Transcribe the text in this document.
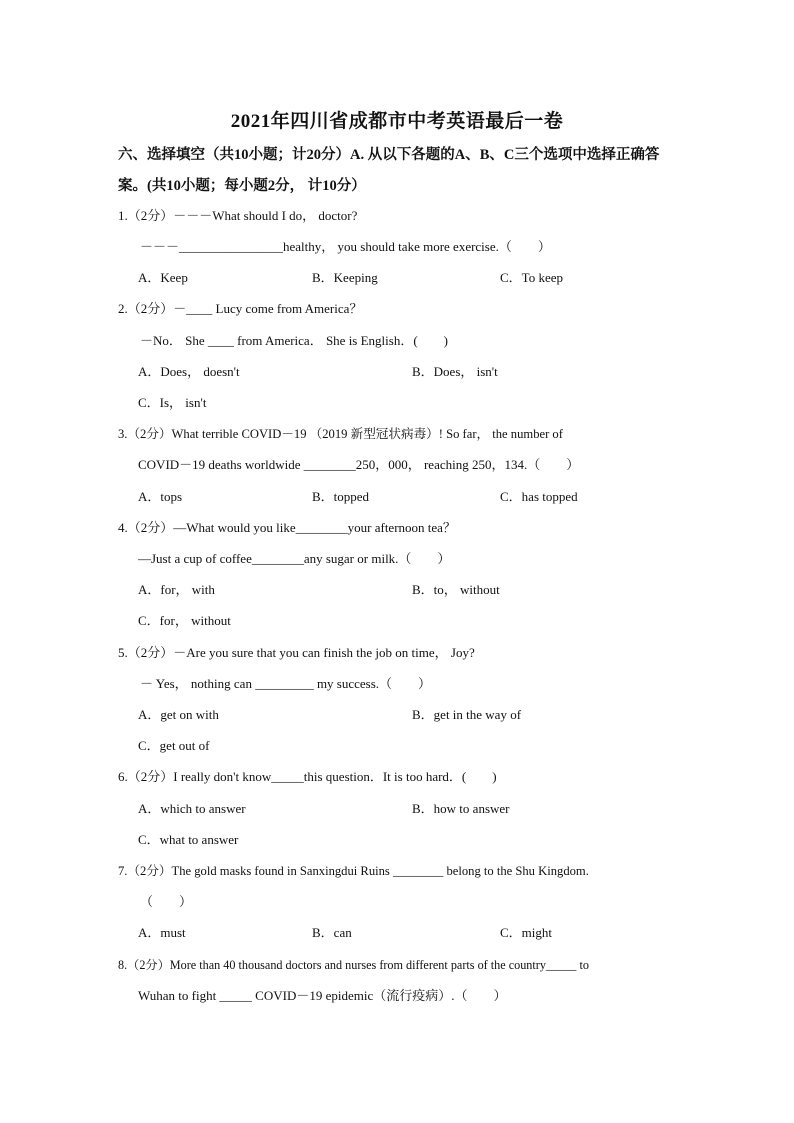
2021年四川省成都市中考英语最后一卷
六、选择填空（共10小题；计20分）A. 从以下各题的A、B、C三个选项中选择正确答
案。(共10小题；每小题2分， 计10分）
1.（2分）－－－What should I do， doctor?
－－－________________healthy， you should take more exercise.（　　）
A．Keep	B．Keeping	C．To keep
2.（2分）－____ Lucy come from America？
－No． She ____ from America． She is English．(　　)
A．Does， doesn't	B．Does， isn't
C．Is， isn't
3.（2分）What terrible COVID－19 （2019 新型冠状病毒）! So far， the number of
COVID－19 deaths worldwide ________250，000， reaching 250，134.（　　）
A．tops	B．topped	C．has topped
4.（2分）—What would you like________your afternoon tea？
—Just a cup of coffee________any sugar or milk.（　　）
A．for， with	B．to， without
C．for， without
5.（2分）－Are you sure that you can finish the job on time， Joy?
－ Yes， nothing can _________ my success.（　　）
A．get on with	B．get in the way of
C．get out of
6.（2分）I really don't know_____this question．It is too hard．(　　)
A．which to answer	B．how to answer
C．what to answer
7.（2分）The gold masks found in Sanxingdui Ruins ________ belong to the Shu Kingdom.
（　　）
A．must	B．can	C．might
8.（2分）More than 40 thousand doctors and nurses from different parts of the country_____ to
Wuhan to fight _____ COVID－19 epidemic（流行疫病）.（　　）
